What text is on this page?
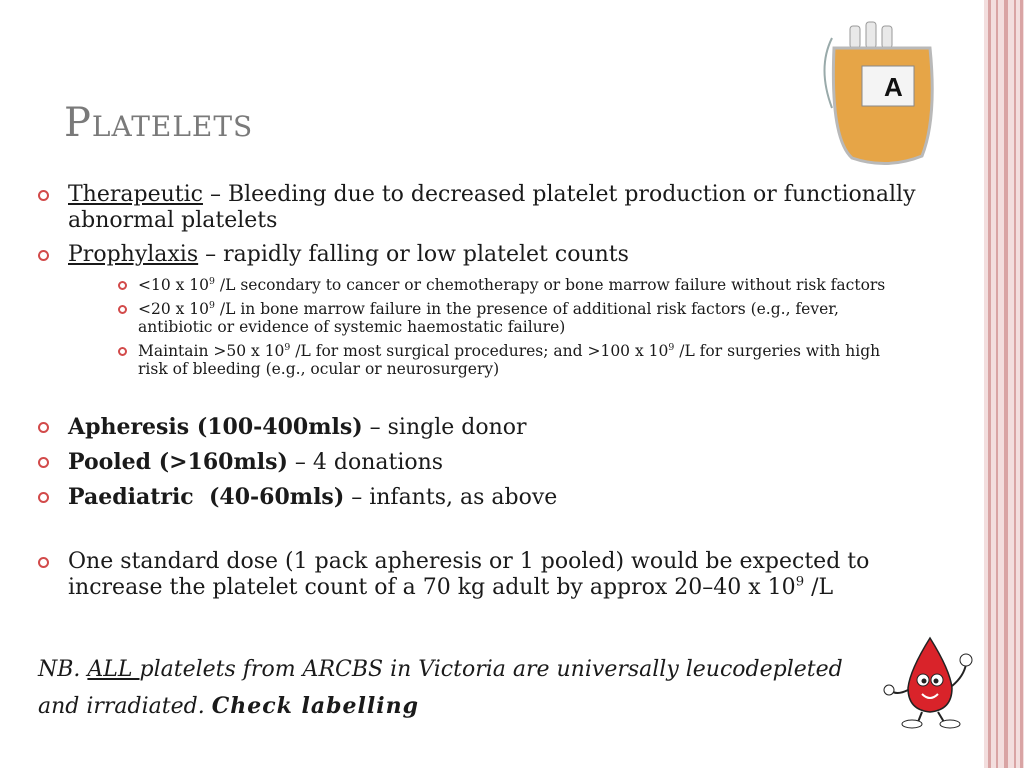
A
Platelets
Therapeutic – Bleeding due to decreased platelet production or functionally abnormal platelets
Prophylaxis – rapidly falling or low platelet counts
<10 x $10^9$ /L secondary to cancer or chemotherapy or bone marrow failure without risk factors
<20 x $10^9$ /L in bone marrow failure in the presence of additional risk factors (e.g., fever, antibiotic or evidence of systemic haemostatic failure)
Maintain >50 x $10^9$ /L for most surgical procedures; and >100 x $10^9$ /L for surgeries with high risk of bleeding (e.g., ocular or neurosurgery)
Apheresis (100-400mls) – single donor
Pooled (>160mls) – 4 donations
Paediatric  (40-60mls) – infants, as above
One standard dose (1 pack apheresis or 1 pooled) would be expected to increase the platelet count of a 70 kg adult by approx 20–40 x $10^9$ /L
NB. ALL platelets from ARCBS in Victoria are universally leucodepleted and irradiated. Check labelling
